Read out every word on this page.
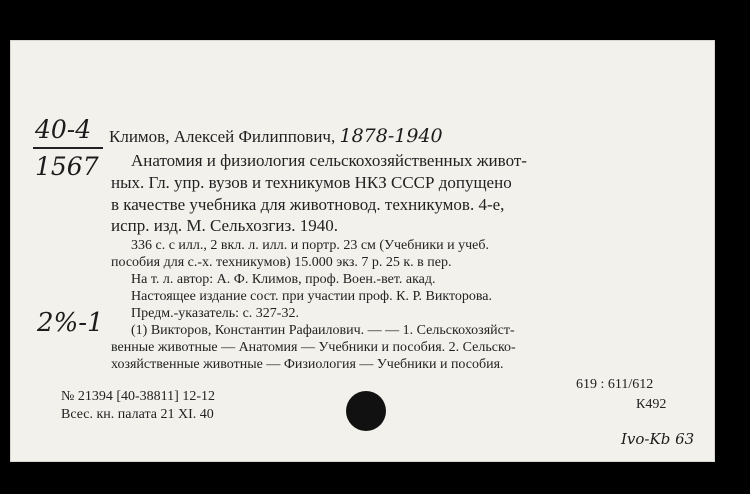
40-4
1567
2%-1
Климов, Алексей Филиппович, 1878-1940
Анатомия и физиология сельскохозяйственных живот-
ных. Гл. упр. вузов и техникумов НКЗ СССР допущено
в качестве учебника для животновод. техникумов. 4-е,
испр. изд. М. Сельхозгиз. 1940.
336 с. с илл., 2 вкл. л. илл. и портр. 23 см (Учебники и учеб.
пособия для с.-х. техникумов) 15.000 экз. 7 р. 25 к. в пер.
На т. л. автор: А. Ф. Климов, проф. Воен.-вет. акад.
Настоящее издание сост. при участии проф. К. Р. Викторова.
Предм.-указатель: с. 327-32.
(1) Викторов, Константин Рафаилович. — — 1. Сельскохозяйст-
венные животные — Анатомия — Учебники и пособия. 2. Сельско-
хозяйственные животные — Физиология — Учебники и пособия.
№ 21394 [40-38811] 12-12
Всес. кн. палата 21 XI. 40
619 : 611/612
К492
Ivo-Kb 63
